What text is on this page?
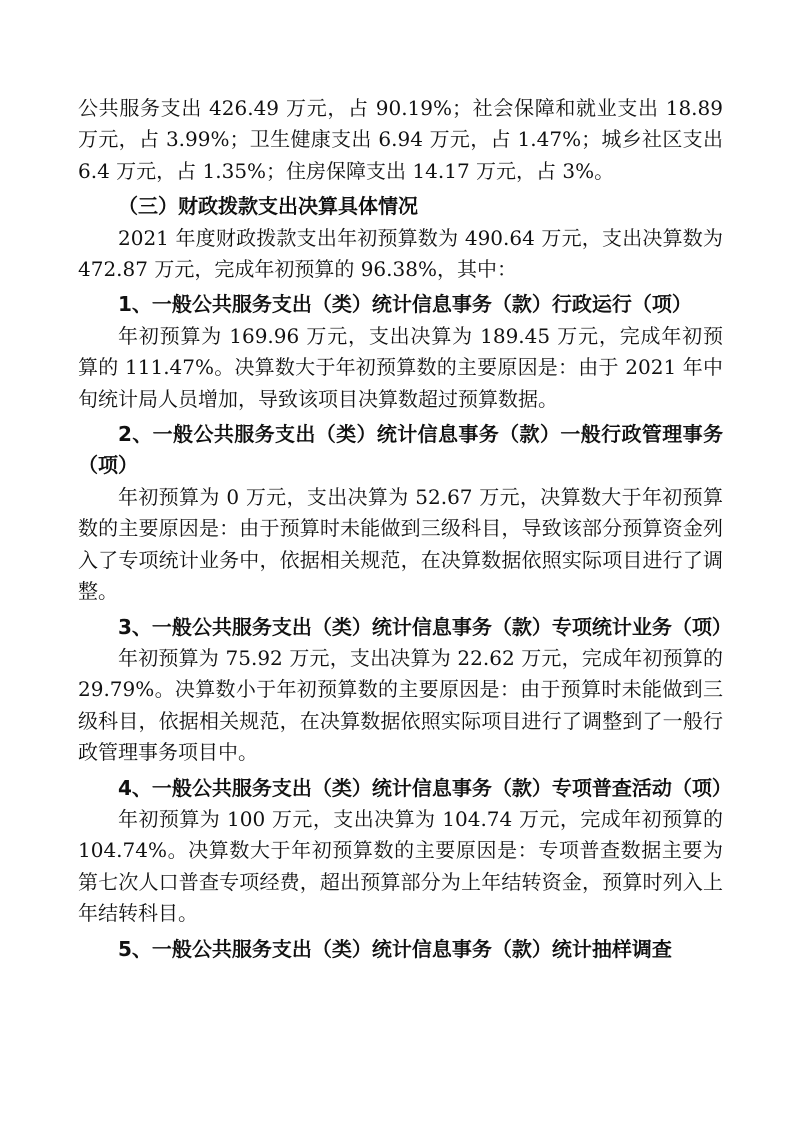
公共服务支出 426.49 万元，占 90.19%；社会保障和就业支出 18.89 万元，占 3.99%；卫生健康支出 6.94 万元，占 1.47%；城乡社区支出 6.4 万元，占 1.35%；住房保障支出 14.17 万元，占 3%。

（三）财政拨款支出决算具体情况

2021 年度财政拨款支出年初预算数为 490.64 万元，支出决算数为 472.87 万元，完成年初预算的 96.38%，其中：

1、一般公共服务支出（类）统计信息事务（款）行政运行（项）

年初预算为 169.96 万元，支出决算为 189.45 万元，完成年初预算的 111.47%。决算数大于年初预算数的主要原因是：由于 2021 年中旬统计局人员增加，导致该项目决算数超过预算数据。

2、一般公共服务支出（类）统计信息事务（款）一般行政管理事务（项）

年初预算为 0 万元，支出决算为 52.67 万元，决算数大于年初预算数的主要原因是：由于预算时未能做到三级科目，导致该部分预算资金列入了专项统计业务中，依据相关规范，在决算数据依照实际项目进行了调整。

3、一般公共服务支出（类）统计信息事务（款）专项统计业务（项）

年初预算为 75.92 万元，支出决算为 22.62 万元，完成年初预算的 29.79%。决算数小于年初预算数的主要原因是：由于预算时未能做到三级科目，依据相关规范，在决算数据依照实际项目进行了调整到了一般行政管理事务项目中。

4、一般公共服务支出（类）统计信息事务（款）专项普查活动（项）

年初预算为 100 万元，支出决算为 104.74 万元，完成年初预算的 104.74%。决算数大于年初预算数的主要原因是：专项普查数据主要为第七次人口普查专项经费，超出预算部分为上年结转资金，预算时列入上年结转科目。

5、一般公共服务支出（类）统计信息事务（款）统计抽样调查
